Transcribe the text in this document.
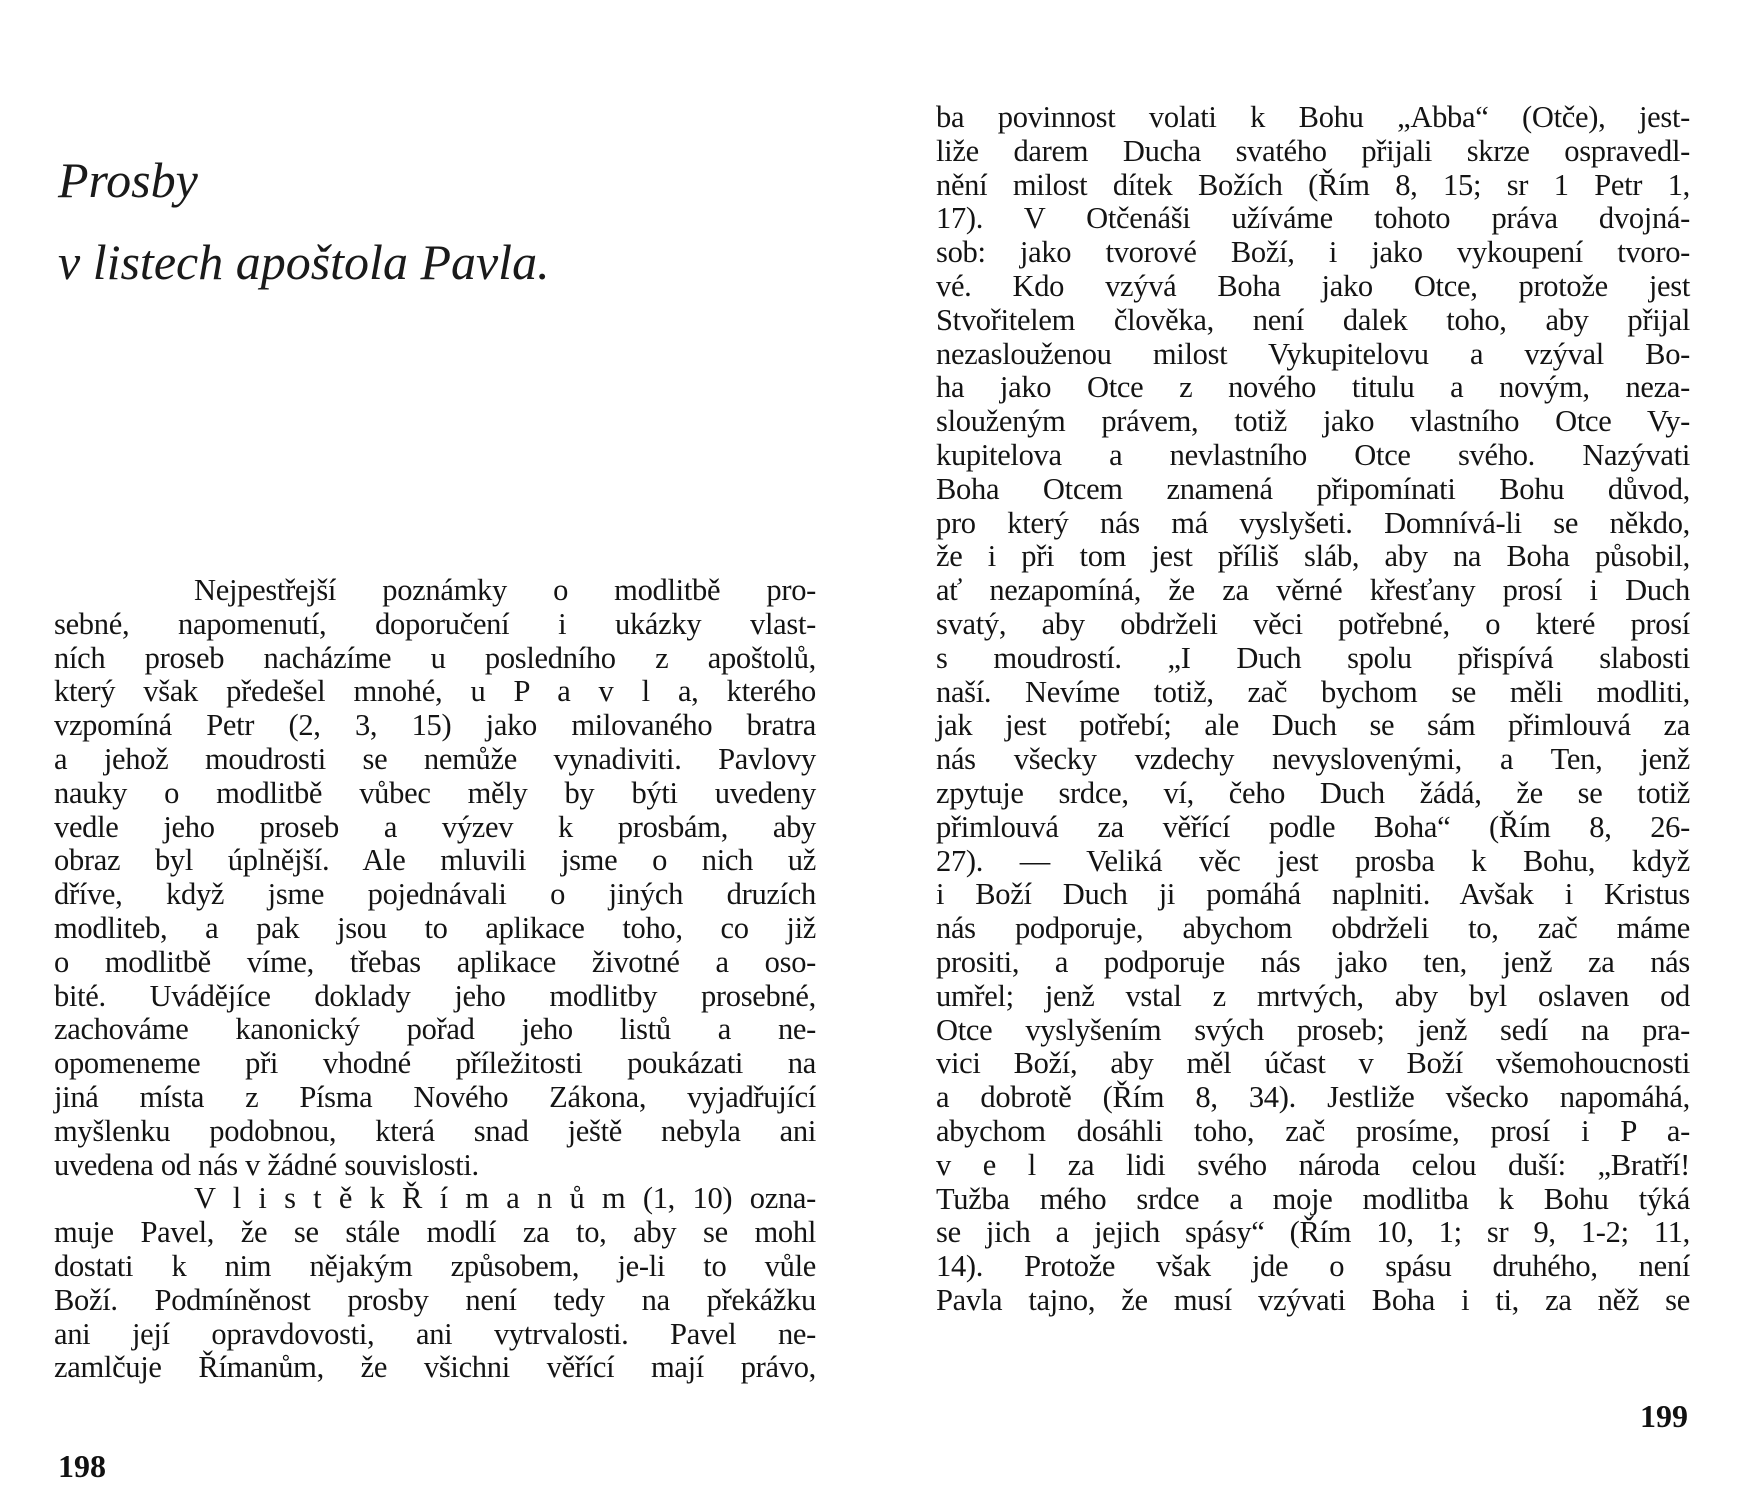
Prosby
v listech apoštola Pavla.
Nejpestřejší poznámky o modlitbě pro-
sebné, napomenutí, doporučení i ukázky vlast-
ních proseb nacházíme u posledního z apoštolů,
který však předešel mnohé, u P a v l a, kterého
vzpomíná Petr (2, 3, 15) jako milovaného bratra
a jehož moudrosti se nemůže vynadiviti. Pavlovy
nauky o modlitbě vůbec měly by býti uvedeny
vedle jeho proseb a výzev k prosbám, aby
obraz byl úplnější. Ale mluvili jsme o nich už
dříve, když jsme pojednávali o jiných druzích
modliteb, a pak jsou to aplikace toho, co již
o modlitbě víme, třebas aplikace životné a oso-
bité. Uvádějíce doklady jeho modlitby prosebné,
zachováme kanonický pořad jeho listů a ne-
opomeneme při vhodné příležitosti poukázati na
jiná místa z Písma Nového Zákona, vyjadřující
myšlenku podobnou, která snad ještě nebyla ani
uvedena od nás v žádné souvislosti.
V l i s t ě k Ř í m a n ů m (1, 10) ozna-
muje Pavel, že se stále modlí za to, aby se mohl
dostati k nim nějakým způsobem, je-li to vůle
Boží. Podmíněnost prosby není tedy na překážku
ani její opravdovosti, ani vytrvalosti. Pavel ne-
zamlčuje Římanům, že všichni věřící mají právo,
198
ba povinnost volati k Bohu „Abba“ (Otče), jest-
liže darem Ducha svatého přijali skrze ospravedl-
nění milost dítek Božích (Řím 8, 15; sr 1 Petr 1,
17). V Otčenáši užíváme tohoto práva dvojná-
sob: jako tvorové Boží, i jako vykoupení tvoro-
vé. Kdo vzývá Boha jako Otce, protože jest
Stvořitelem člověka, není dalek toho, aby přijal
nezaslouženou milost Vykupitelovu a vzýval Bo-
ha jako Otce z nového titulu a novým, neza-
slouženým právem, totiž jako vlastního Otce Vy-
kupitelova a nevlastního Otce svého. Nazývati
Boha Otcem znamená připomínati Bohu důvod,
pro který nás má vyslyšeti. Domnívá-li se někdo,
že i při tom jest příliš sláb, aby na Boha působil,
ať nezapomíná, že za věrné křesťany prosí i Duch
svatý, aby obdrželi věci potřebné, o které prosí
s moudrostí. „I Duch spolu přispívá slabosti
naší. Nevíme totiž, zač bychom se měli modliti,
jak jest potřebí; ale Duch se sám přimlouvá za
nás všecky vzdechy nevyslovenými, a Ten, jenž
zpytuje srdce, ví, čeho Duch žádá, že se totiž
přimlouvá za věřící podle Boha“ (Řím 8, 26-
27). — Veliká věc jest prosba k Bohu, když
i Boží Duch ji pomáhá naplniti. Avšak i Kristus
nás podporuje, abychom obdrželi to, zač máme
prositi, a podporuje nás jako ten, jenž za nás
umřel; jenž vstal z mrtvých, aby byl oslaven od
Otce vyslyšením svých proseb; jenž sedí na pra-
vici Boží, aby měl účast v Boží všemohoucnosti
a dobrotě (Řím 8, 34). Jestliže všecko napomáhá,
abychom dosáhli toho, zač prosíme, prosí i P a-
v e l za lidi svého národa celou duší: „Bratří!
Tužba mého srdce a moje modlitba k Bohu týká
se jich a jejich spásy“ (Řím 10, 1; sr 9, 1-2; 11,
14). Protože však jde o spásu druhého, není
Pavla tajno, že musí vzývati Boha i ti, za něž se
199
